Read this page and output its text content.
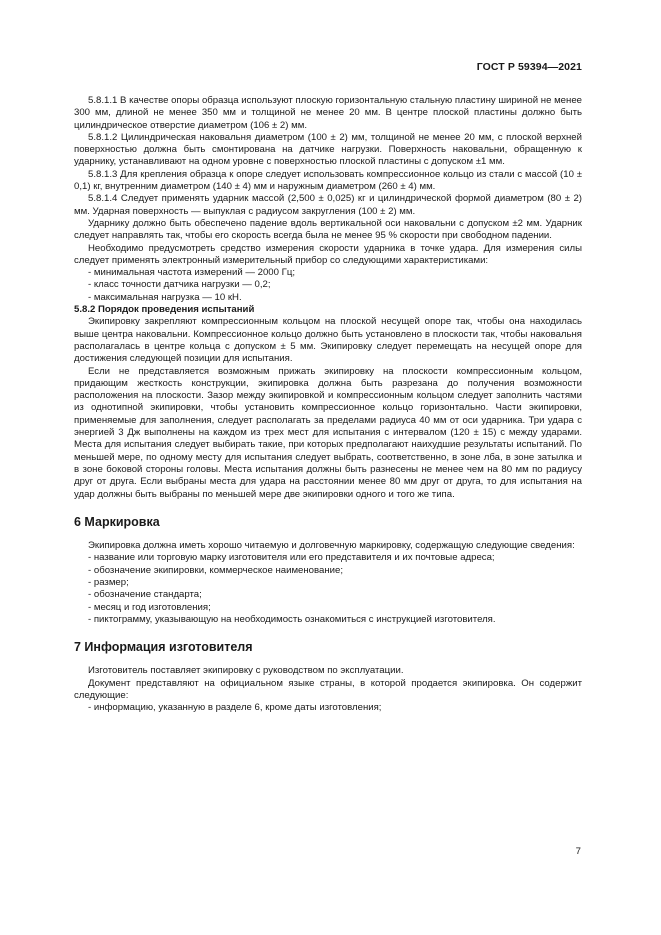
ГОСТ Р 59394—2021

5.8.1.1 В качестве опоры образца используют плоскую горизонтальную стальную пластину шириной не менее 300 мм, длиной не менее 350 мм и толщиной не менее 20 мм. В центре плоской пластины должно быть цилиндрическое отверстие диаметром (106 ± 2) мм.

5.8.1.2 Цилиндрическая наковальня диаметром (100 ± 2) мм, толщиной не менее 20 мм, с плоской верхней поверхностью должна быть смонтирована на датчике нагрузки. Поверхность наковальни, обращенную к ударнику, устанавливают на одном уровне с поверхностью плоской пластины с допуском ±1 мм.

5.8.1.3 Для крепления образца к опоре следует использовать компрессионное кольцо из стали с массой (10 ± 0,1) кг, внутренним диаметром (140 ± 4) мм и наружным диаметром (260 ± 4) мм.

5.8.1.4 Следует применять ударник массой (2,500 ± 0,025) кг и цилиндрической формой диаметром (80 ± 2) мм. Ударная поверхность — выпуклая с радиусом закругления (100 ± 2) мм.

Ударнику должно быть обеспечено падение вдоль вертикальной оси наковальни с допуском ±2 мм. Ударник следует направлять так, чтобы его скорость всегда была не менее 95 % скорости при свободном падении.

Необходимо предусмотреть средство измерения скорости ударника в точке удара. Для измерения силы следует применять электронный измерительный прибор со следующими характеристиками:

- минимальная частота измерений — 2000 Гц;

- класс точности датчика нагрузки — 0,2;

- максимальная нагрузка — 10 кН.

5.8.2 Порядок проведения испытаний

Экипировку закрепляют компрессионным кольцом на плоской несущей опоре так, чтобы она находилась выше центра наковальни. Компрессионное кольцо должно быть установлено в плоскости так, чтобы наковальня располагалась в центре кольца с допуском ± 5 мм. Экипировку следует перемещать на несущей опоре для достижения следующей позиции для испытания.

Если не представляется возможным прижать экипировку на плоскости компрессионным кольцом, придающим жесткость конструкции, экипировка должна быть разрезана до получения возможности расположения на плоскости. Зазор между экипировкой и компрессионным кольцом следует заполнить частями из однотипной экипировки, чтобы установить компрессионное кольцо горизонтально. Части экипировки, применяемые для заполнения, следует располагать за пределами радиуса 40 мм от оси ударника. Три удара с энергией 3 Дж выполнены на каждом из трех мест для испытания с интервалом (120 ± 15) с между ударами. Места для испытания следует выбирать такие, при которых предполагают наихудшие результаты испытаний. По меньшей мере, по одному месту для испытания следует выбрать, соответственно, в зоне лба, в зоне затылка и в зоне боковой стороны головы. Места испытания должны быть разнесены не менее чем на 80 мм по радиусу друг от друга. Если выбраны места для удара на расстоянии менее 80 мм друг от друга, то для испытания на удар должны быть выбраны по меньшей мере две экипировки одного и того же типа.

6 Маркировка

Экипировка должна иметь хорошо читаемую и долговечную маркировку, содержащую следующие сведения:

- название или торговую марку изготовителя или его представителя и их почтовые адреса;

- обозначение экипировки, коммерческое наименование;

- размер;

- обозначение стандарта;

- месяц и год изготовления;

- пиктограмму, указывающую на необходимость ознакомиться с инструкцией изготовителя.

7 Информация изготовителя

Изготовитель поставляет экипировку с руководством по эксплуатации.

Документ представляют на официальном языке страны, в которой продается экипировка. Он содержит следующие:

- информацию, указанную в разделе 6, кроме даты изготовления;

7
